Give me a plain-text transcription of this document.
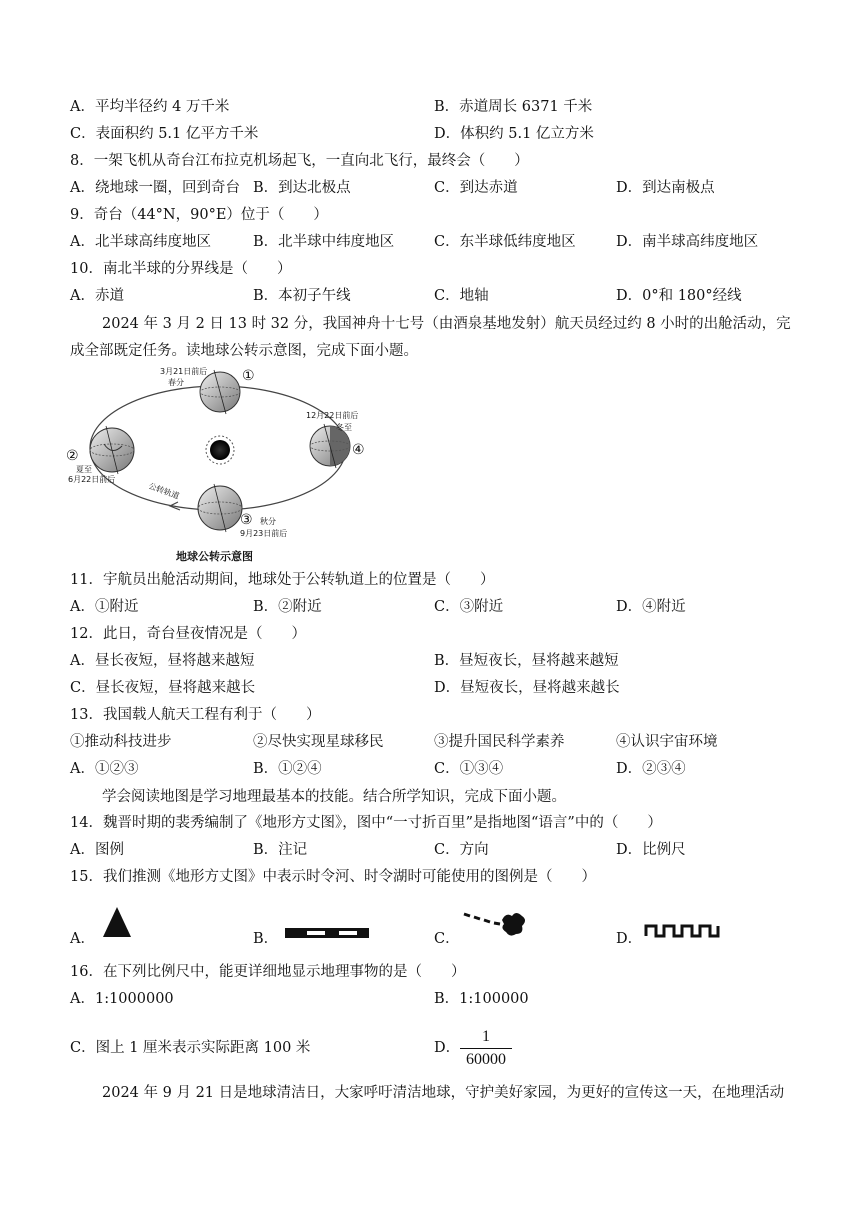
A．平均半径约 4 万千米	B．赤道周长 6371 千米
C．表面积约 5.1 亿平方千米	D．体积约 5.1 亿立方米
8．一架飞机从奇台江布拉克机场起飞，一直向北飞行，最终会（　　）
A．绕地球一圈，回到奇台 B．到达北极点	C．到达赤道	D．到达南极点
9．奇台（44°N，90°E）位于（　　）
A．北半球高纬度地区	B．北半球中纬度地区	C．东半球低纬度地区	D．南半球高纬度地区
10．南北半球的分界线是（　　）
A．赤道	B．本初子午线	C．地轴	D．0°和 180°经线
2024 年 3 月 2 日 13 时 32 分，我国神舟十七号（由酒泉基地发射）航天员经过约 8 小时的出舱活动，完成全部既定任务。读地球公转示意图，完成下面小题。
3月21日前后
春分	①
②
夏至
6月22日前后
③ 秋分
9月23日前后
12月22日前后
冬至
④
公转轨道
地球公转示意图
11．宇航员出舱活动期间，地球处于公转轨道上的位置是（　　）
A．①附近	B．②附近	C．③附近	D．④附近
12．此日，奇台昼夜情况是（　　）
A．昼长夜短，昼将越来越短	B．昼短夜长，昼将越来越短
C．昼长夜短，昼将越来越长	D．昼短夜长，昼将越来越长
13．我国载人航天工程有利于（　　）
①推动科技进步	②尽快实现星球移民	③提升国民科学素养	④认识宇宙环境
A．①②③	B．①②④	C．①③④	D．②③④
学会阅读地图是学习地理最基本的技能。结合所学知识，完成下面小题。
14．魏晋时期的裴秀编制了《地形方丈图》，图中“一寸折百里”是指地图“语言”中的（　　）
A．图例	B．注记	C．方向	D．比例尺
15．我们推测《地形方丈图》中表示时令河、时令湖时可能使用的图例是（　　）
A．	B．	C．	D．
16．在下列比例尺中，能更详细地显示地理事物的是（　　）
A．1:1000000	B．1:100000
C．图上 1 厘米表示实际距离 100 米	D． $\frac{1}{60000}$
2024 年 9 月 21 日是地球清洁日，大家呼吁清洁地球，守护美好家园，为更好的宣传这一天，在地理活动
